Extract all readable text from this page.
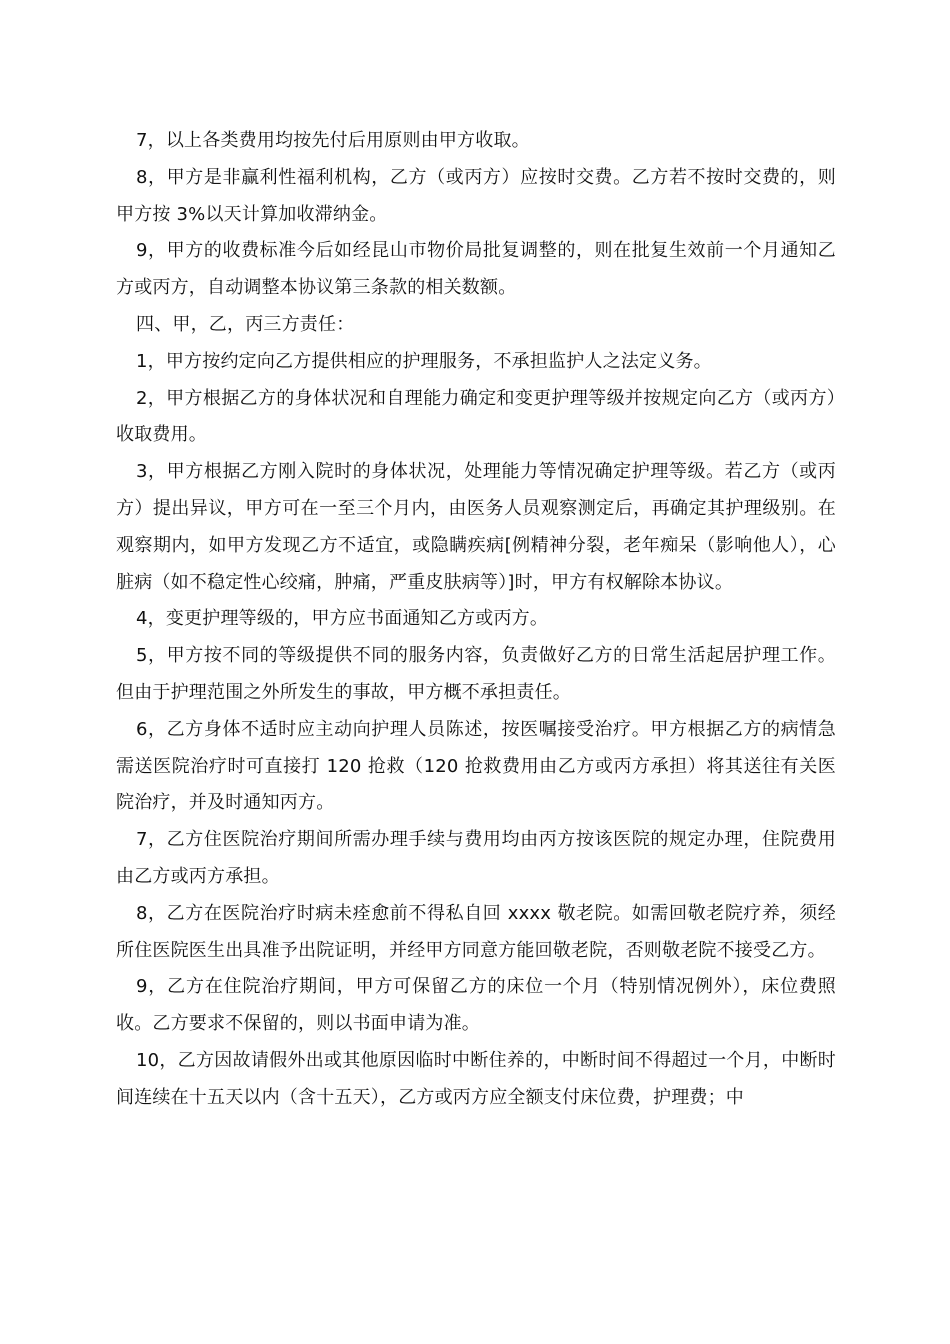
7，以上各类费用均按先付后用原则由甲方收取。

8，甲方是非赢利性福利机构，乙方（或丙方）应按时交费。乙方若不按时交费的，则甲方按 3%以天计算加收滞纳金。

9，甲方的收费标准今后如经昆山市物价局批复调整的，则在批复生效前一个月通知乙方或丙方，自动调整本协议第三条款的相关数额。

四、甲，乙，丙三方责任：

1，甲方按约定向乙方提供相应的护理服务，不承担监护人之法定义务。

2，甲方根据乙方的身体状况和自理能力确定和变更护理等级并按规定向乙方（或丙方）收取费用。

3，甲方根据乙方刚入院时的身体状况，处理能力等情况确定护理等级。若乙方（或丙方）提出异议，甲方可在一至三个月内，由医务人员观察测定后，再确定其护理级别。在观察期内，如甲方发现乙方不适宜，或隐瞒疾病[例精神分裂，老年痴呆（影响他人），心脏病（如不稳定性心绞痛，肿痛，严重皮肤病等）]时，甲方有权解除本协议。

4，变更护理等级的，甲方应书面通知乙方或丙方。

5，甲方按不同的等级提供不同的服务内容，负责做好乙方的日常生活起居护理工作。但由于护理范围之外所发生的事故，甲方概不承担责任。

6，乙方身体不适时应主动向护理人员陈述，按医嘱接受治疗。甲方根据乙方的病情急需送医院治疗时可直接打 120 抢救（120 抢救费用由乙方或丙方承担）将其送往有关医院治疗，并及时通知丙方。

7，乙方住医院治疗期间所需办理手续与费用均由丙方按该医院的规定办理，住院费用由乙方或丙方承担。

8，乙方在医院治疗时病未痊愈前不得私自回 xxxx 敬老院。如需回敬老院疗养，须经所住医院医生出具准予出院证明，并经甲方同意方能回敬老院，否则敬老院不接受乙方。

9，乙方在住院治疗期间，甲方可保留乙方的床位一个月（特别情况例外），床位费照收。乙方要求不保留的，则以书面申请为准。

10，乙方因故请假外出或其他原因临时中断住养的，中断时间不得超过一个月，中断时间连续在十五天以内（含十五天），乙方或丙方应全额支付床位费，护理费；中
